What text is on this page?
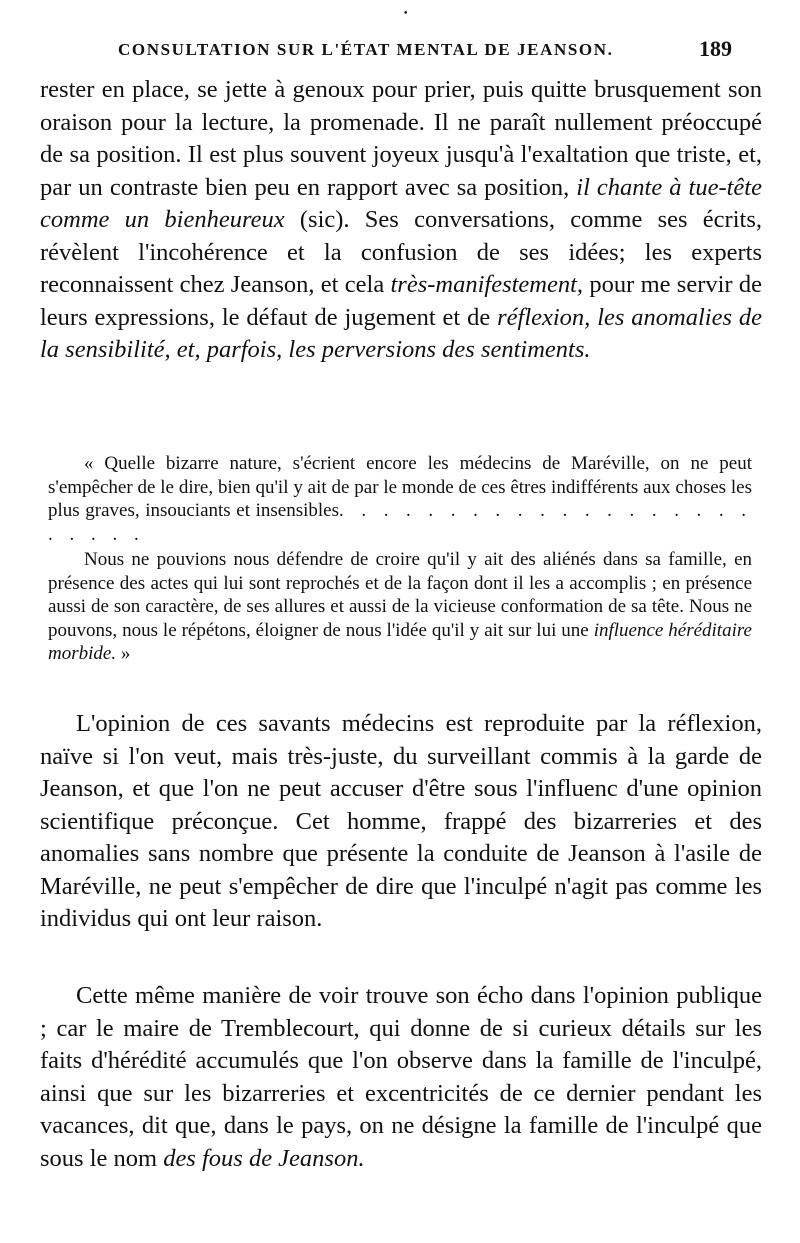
•
CONSULTATION SUR L'ÉTAT MENTAL DE JEANSON.	189

rester en place, se jette à genoux pour prier, puis quitte brusquement son oraison pour la lecture, la promenade. Il ne paraît nullement préoccupé de sa position. Il est plus souvent joyeux jusqu'à l'exaltation que triste, et, par un contraste bien peu en rapport avec sa position, il chante à tue-tête comme un bienheureux (sic). Ses conversations, comme ses écrits, révèlent l'incohérence et la confusion de ses idées; les experts reconnaissent chez Jeanson, et cela très-manifestement, pour me servir de leurs expressions, le défaut de jugement et de réflexion, les anomalies de la sensibilité, et, parfois, les perversions des sentiments.

« Quelle bizarre nature, s'écrient encore les médecins de Maréville, on ne peut s'empêcher de le dire, bien qu'il y ait de par le monde de ces êtres indifférents aux choses les plus graves, insouciants et insensibles. . . . . . . . . . . . . . . . . . . . . . . .

Nous ne pouvions nous défendre de croire qu'il y ait des aliénés dans sa famille, en présence des actes qui lui sont reprochés et de la façon dont il les a accomplis ; en présence aussi de son caractère, de ses allures et aussi de la vicieuse conformation de sa tête. Nous ne pouvons, nous le répétons, éloigner de nous l'idée qu'il y ait sur lui une influence héréditaire morbide. »

L'opinion de ces savants médecins est reproduite par la réflexion, naïve si l'on veut, mais très-juste, du surveillant commis à la garde de Jeanson, et que l'on ne peut accuser d'être sous l'influenc d'une opinion scientifique préconçue. Cet homme, frappé des bizarreries et des anomalies sans nombre que présente la conduite de Jeanson à l'asile de Maréville, ne peut s'empêcher de dire que l'inculpé n'agit pas comme les individus qui ont leur raison.

Cette même manière de voir trouve son écho dans l'opinion publique ; car le maire de Tremblecourt, qui donne de si curieux détails sur les faits d'hérédité accumulés que l'on observe dans la famille de l'inculpé, ainsi que sur les bizarreries et excentricités de ce dernier pendant les vacances, dit que, dans le pays, on ne désigne la famille de l'inculpé que sous le nom des fous de Jeanson.
